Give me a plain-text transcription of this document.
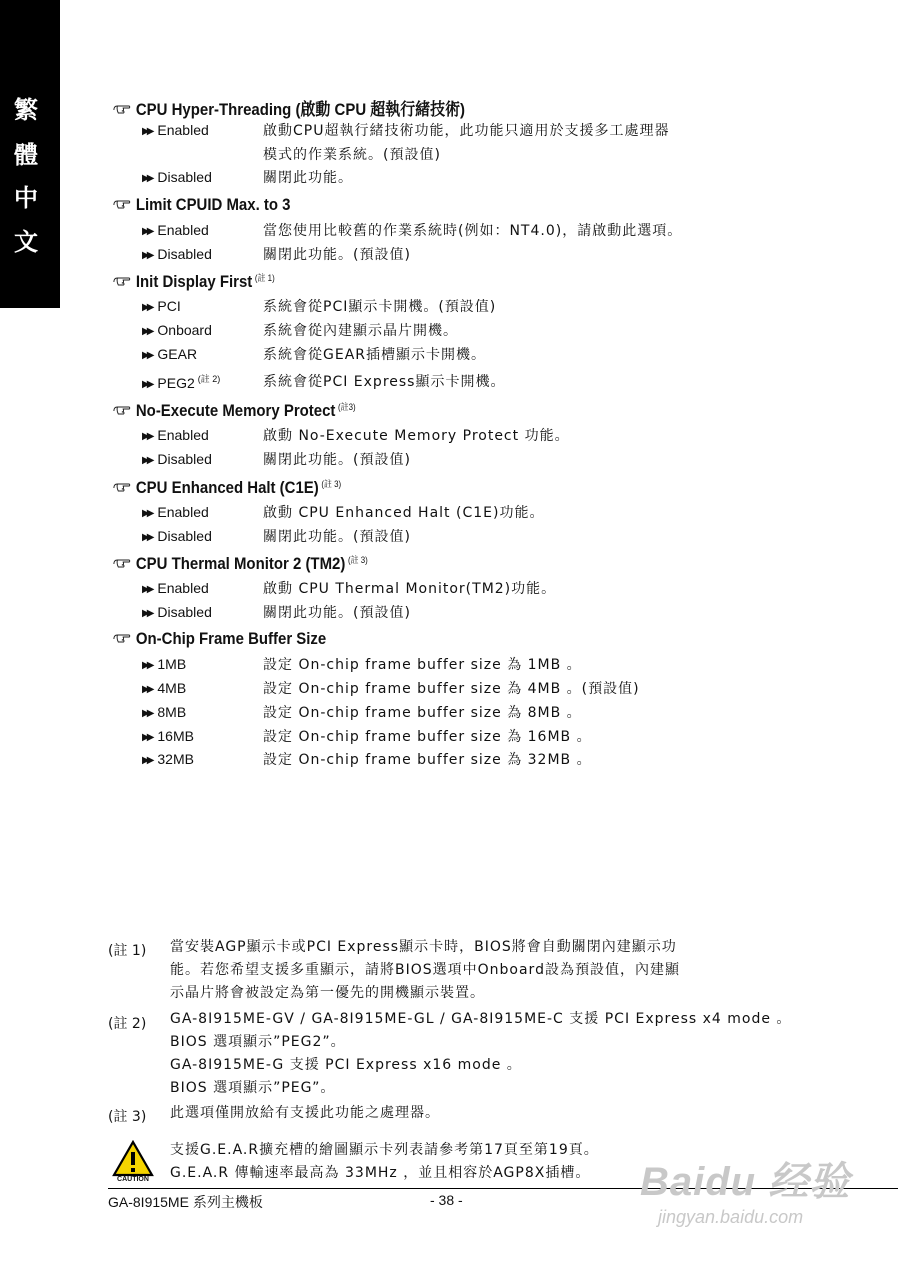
繁
體
中
文
CPU Hyper-Threading (啟動 CPU 超執行緒技術)
▶▶ Enabled	啟動CPU超執行緒技術功能，此功能只適用於支援多工處理器
模式的作業系統。(預設值)
▶▶ Disabled	關閉此功能。
Limit CPUID Max. to 3
▶▶ Enabled	當您使用比較舊的作業系統時(例如：NT4.0)，請啟動此選項。
▶▶ Disabled	關閉此功能。(預設值)
Init Display First $^{(註 1)}$
▶▶ PCI	系統會從PCI顯示卡開機。(預設值)
▶▶ Onboard	系統會從內建顯示晶片開機。
▶▶ GEAR	系統會從GEAR插槽顯示卡開機。
▶▶ PEG2 $^{(註 2)}$	系統會從PCI Express顯示卡開機。
No-Execute Memory Protect $^{(註3)}$
▶▶ Enabled	啟動 No-Execute Memory Protect 功能。
▶▶ Disabled	關閉此功能。(預設值)
CPU Enhanced Halt (C1E) $^{(註 3)}$
▶▶ Enabled	啟動 CPU Enhanced Halt (C1E)功能。
▶▶ Disabled	關閉此功能。(預設值)
CPU Thermal Monitor 2 (TM2) $^{(註 3)}$
▶▶ Enabled	啟動 CPU Thermal Monitor(TM2)功能。
▶▶ Disabled	關閉此功能。(預設值)
On-Chip Frame Buffer Size
▶▶ 1MB	設定 On-chip frame buffer size 為 1MB 。
▶▶ 4MB	設定 On-chip frame buffer size 為 4MB 。(預設值)
▶▶ 8MB	設定 On-chip frame buffer size 為 8MB 。
▶▶ 16MB	設定 On-chip frame buffer size 為 16MB 。
▶▶ 32MB	設定 On-chip frame buffer size 為 32MB 。
(註 1) 當安裝AGP顯示卡或PCI Express顯示卡時，BIOS將會自動關閉內建顯示功
能。若您希望支援多重顯示，請將BIOS選項中Onboard設為預設值，內建顯
示晶片將會被設定為第一優先的開機顯示裝置。
(註 2) GA-8I915ME-GV / GA-8I915ME-GL / GA-8I915ME-C 支援 PCI Express x4 mode 。
BIOS 選項顯示”PEG2”。
GA-8I915ME-G 支援 PCI Express x16 mode 。
BIOS 選項顯示”PEG”。
(註 3) 此選項僅開放給有支援此功能之處理器。
CAUTION
支援G.E.A.R擴充槽的繪圖顯示卡列表請參考第17頁至第19頁。
G.E.A.R 傳輸速率最高為 33MHz ，並且相容於AGP8X插槽。
GA-8I915ME 系列主機板	- 38 -	Baidu 经验
jingyan.baidu.com
